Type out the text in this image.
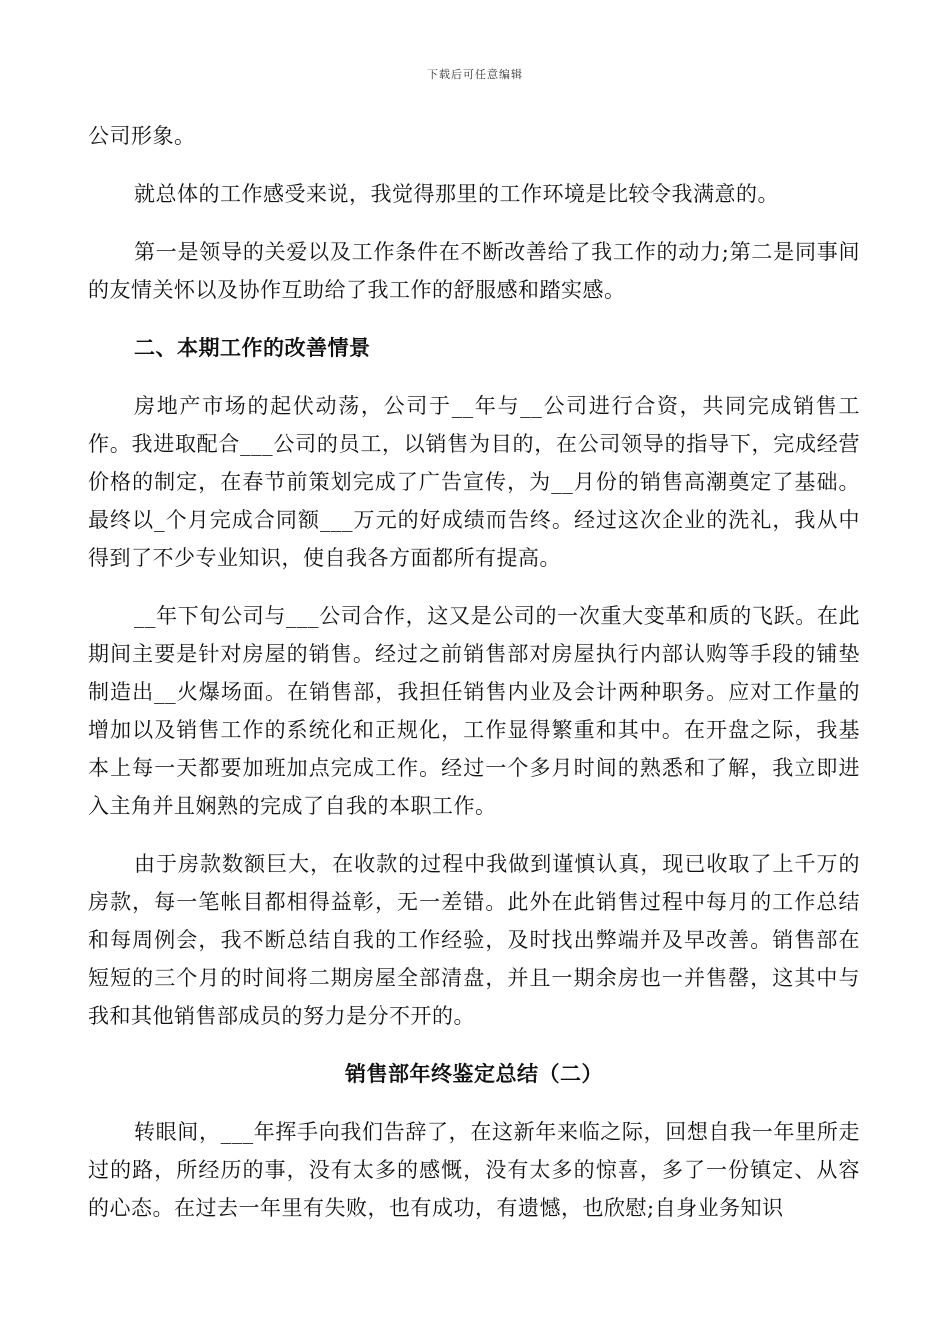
下载后可任意编辑

公司形象。

就总体的工作感受来说，我觉得那里的工作环境是比较令我满意的。

第一是领导的关爱以及工作条件在不断改善给了我工作的动力;第二是同事间的友情关怀以及协作互助给了我工作的舒服感和踏实感。

二、本期工作的改善情景

房地产市场的起伏动荡，公司于__年与__公司进行合资，共同完成销售工作。我进取配合___公司的员工，以销售为目的，在公司领导的指导下，完成经营价格的制定，在春节前策划完成了广告宣传，为__月份的销售高潮奠定了基础。最终以_个月完成合同额___万元的好成绩而告终。经过这次企业的洗礼，我从中得到了不少专业知识，使自我各方面都所有提高。

__年下旬公司与___公司合作，这又是公司的一次重大变革和质的飞跃。在此期间主要是针对房屋的销售。经过之前销售部对房屋执行内部认购等手段的铺垫制造出__火爆场面。在销售部，我担任销售内业及会计两种职务。应对工作量的增加以及销售工作的系统化和正规化，工作显得繁重和其中。在开盘之际，我基本上每一天都要加班加点完成工作。经过一个多月时间的熟悉和了解，我立即进入主角并且娴熟的完成了自我的本职工作。

由于房款数额巨大，在收款的过程中我做到谨慎认真，现已收取了上千万的房款，每一笔帐目都相得益彰，无一差错。此外在此销售过程中每月的工作总结和每周例会，我不断总结自我的工作经验，及时找出弊端并及早改善。销售部在短短的三个月的时间将二期房屋全部清盘，并且一期余房也一并售罄，这其中与我和其他销售部成员的努力是分不开的。

销售部年终鉴定总结（二）

转眼间，___年挥手向我们告辞了，在这新年来临之际，回想自我一年里所走过的路，所经历的事，没有太多的感慨，没有太多的惊喜，多了一份镇定、从容的心态。在过去一年里有失败，也有成功，有遗憾，也欣慰;自身业务知识
